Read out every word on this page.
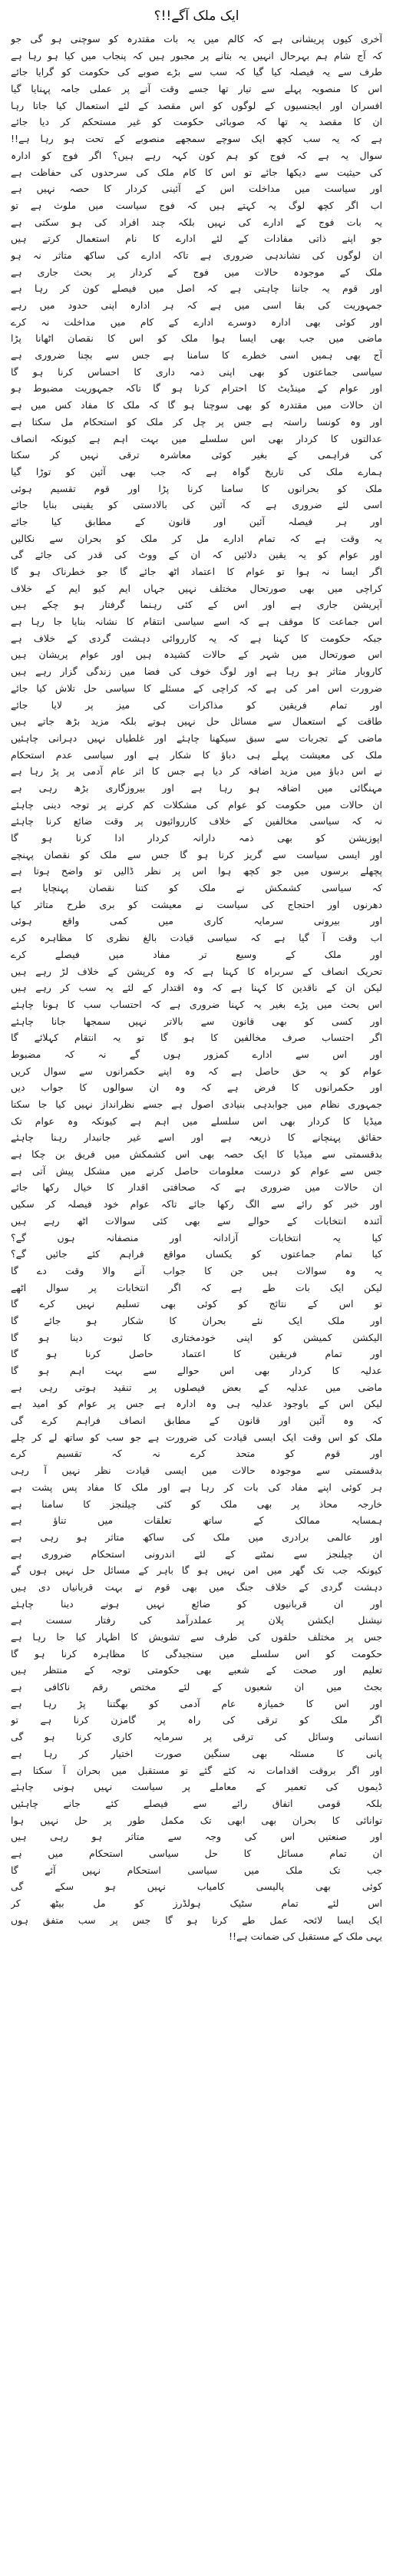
ایک ملک آگے!!؟
آخری کیوں پریشانی ہے کہ کالم میں یہ بات مقتدرہ کو سوچنی ہو گی جو
کہ آج شام ہم بہرحال انہیں یہ بتانے پر مجبور ہیں کہ پنجاب میں کیا ہو رہا ہے
طرف سے یہ فیصلہ کیا گیا کہ سب سے بڑے صوبے کی حکومت کو گرایا جائے
اس کا منصوبہ پہلے سے تیار تھا جسے وقت آنے پر عملی جامہ پہنایا گیا
افسران اور ایجنسیوں کے لوگوں کو اس مقصد کے لئے استعمال کیا جاتا رہا
ان کا مقصد یہ تھا کہ صوبائی حکومت کو غیر مستحکم کر دیا جائے
ہے کہ یہ سب کچھ ایک سوچے سمجھے منصوبے کے تحت ہو رہا ہے!!
سوال یہ ہے کہ فوج کو ہم کون کہہ رہے ہیں؟ اگر فوج کو ادارہ
کی حیثیت سے دیکھا جائے تو اس کا کام ملک کی سرحدوں کی حفاظت ہے
اور سیاست میں مداخلت اس کے آئینی کردار کا حصہ نہیں ہے
اب اگر کچھ لوگ یہ کہتے ہیں کہ فوج سیاست میں ملوث ہے تو
یہ بات فوج کے ادارے کی نہیں بلکہ چند افراد کی ہو سکتی ہے
جو اپنے ذاتی مفادات کے لئے ادارے کا نام استعمال کرتے ہیں
ان لوگوں کی نشاندہی ضروری ہے تاکہ ادارے کی ساکھ متاثر نہ ہو
ملک کے موجودہ حالات میں فوج کے کردار پر بحث جاری ہے
اور قوم یہ جاننا چاہتی ہے کہ اصل میں فیصلے کون کر رہا ہے
جمہوریت کی بقا اسی میں ہے کہ ہر ادارہ اپنی حدود میں رہے
اور کوئی بھی ادارہ دوسرے ادارے کے کام میں مداخلت نہ کرے
ماضی میں جب بھی ایسا ہوا ملک کو اس کا نقصان اٹھانا پڑا
آج بھی ہمیں اسی خطرے کا سامنا ہے جس سے بچنا ضروری ہے
سیاسی جماعتوں کو بھی اپنی ذمہ داری کا احساس کرنا ہو گا
اور عوام کے مینڈیٹ کا احترام کرنا ہو گا تاکہ جمہوریت مضبوط ہو
ان حالات میں مقتدرہ کو بھی سوچنا ہو گا کہ ملک کا مفاد کس میں ہے
اور وہ کونسا راستہ ہے جس پر چل کر ملک کو استحکام مل سکتا ہے
عدالتوں کا کردار بھی اس سلسلے میں بہت اہم ہے کیونکہ انصاف
کی فراہمی کے بغیر کوئی معاشرہ ترقی نہیں کر سکتا
ہمارے ملک کی تاریخ گواہ ہے کہ جب بھی آئین کو توڑا گیا
ملک کو بحرانوں کا سامنا کرنا پڑا اور قوم تقسیم ہوئی
اسی لئے ضروری ہے کہ آئین کی بالادستی کو یقینی بنایا جائے
اور ہر فیصلہ آئین اور قانون کے مطابق کیا جائے
یہ وقت ہے کہ تمام ادارے مل کر ملک کو بحران سے نکالیں
اور عوام کو یہ یقین دلائیں کہ ان کے ووٹ کی قدر کی جائے گی
اگر ایسا نہ ہوا تو عوام کا اعتماد اٹھ جائے گا جو خطرناک ہو گا
کراچی میں بھی صورتحال مختلف نہیں جہاں ایم کیو ایم کے خلاف
آپریشن جاری ہے اور اس کے کئی رہنما گرفتار ہو چکے ہیں
اس جماعت کا موقف ہے کہ اسے سیاسی انتقام کا نشانہ بنایا جا رہا ہے
جبکہ حکومت کا کہنا ہے کہ یہ کارروائی دہشت گردی کے خلاف ہے
اس صورتحال میں شہر کے حالات کشیدہ ہیں اور عوام پریشان ہیں
کاروبار متاثر ہو رہا ہے اور لوگ خوف کی فضا میں زندگی گزار رہے ہیں
ضرورت اس امر کی ہے کہ کراچی کے مسئلے کا سیاسی حل تلاش کیا جائے
اور تمام فریقین کو مذاکرات کی میز پر لایا جائے
طاقت کے استعمال سے مسائل حل نہیں ہوتے بلکہ مزید بڑھ جاتے ہیں
ماضی کے تجربات سے سبق سیکھنا چاہئے اور غلطیاں نہیں دہرانی چاہئیں
ملک کی معیشت پہلے ہی دباؤ کا شکار ہے اور سیاسی عدم استحکام
نے اس دباؤ میں مزید اضافہ کر دیا ہے جس کا اثر عام آدمی پر پڑ رہا ہے
مہنگائی میں اضافہ ہو رہا ہے اور بیروزگاری بڑھ رہی ہے
ان حالات میں حکومت کو عوام کی مشکلات کم کرنے پر توجہ دینی چاہئے
نہ کہ سیاسی مخالفین کے خلاف کارروائیوں پر وقت ضائع کرنا چاہئے
اپوزیشن کو بھی ذمہ دارانہ کردار ادا کرنا ہو گا
اور ایسی سیاست سے گریز کرنا ہو گا جس سے ملک کو نقصان پہنچے
پچھلے برسوں میں جو کچھ ہوا اس پر نظر ڈالیں تو واضح ہوتا ہے
کہ سیاسی کشمکش نے ملک کو کتنا نقصان پہنچایا ہے
دھرنوں اور احتجاج کی سیاست نے معیشت کو بری طرح متاثر کیا
اور بیرونی سرمایہ کاری میں کمی واقع ہوئی
اب وقت آ گیا ہے کہ سیاسی قیادت بالغ نظری کا مظاہرہ کرے
اور ملک کے وسیع تر مفاد میں فیصلے کرے
تحریک انصاف کے سربراہ کا کہنا ہے کہ وہ کرپشن کے خلاف لڑ رہے ہیں
لیکن ان کے ناقدین کا کہنا ہے کہ وہ اقتدار کے لئے یہ سب کر رہے ہیں
اس بحث میں پڑے بغیر یہ کہنا ضروری ہے کہ احتساب سب کا ہونا چاہئے
اور کسی کو بھی قانون سے بالاتر نہیں سمجھا جانا چاہئے
اگر احتساب صرف مخالفین کا ہو گا تو یہ انتقام کہلائے گا
اور اس سے ادارے کمزور ہوں گے نہ کہ مضبوط
عوام کو یہ حق حاصل ہے کہ وہ اپنے حکمرانوں سے سوال کریں
اور حکمرانوں کا فرض ہے کہ وہ ان سوالوں کا جواب دیں
جمہوری نظام میں جوابدہی بنیادی اصول ہے جسے نظرانداز نہیں کیا جا سکتا
میڈیا کا کردار بھی اس سلسلے میں اہم ہے کیونکہ وہ عوام تک
حقائق پہنچانے کا ذریعہ ہے اور اسے غیر جانبدار رہنا چاہئے
بدقسمتی سے میڈیا کا ایک حصہ بھی اس کشمکش میں فریق بن چکا ہے
جس سے عوام کو درست معلومات حاصل کرنے میں مشکل پیش آتی ہے
ان حالات میں ضروری ہے کہ صحافتی اقدار کا خیال رکھا جائے
اور خبر کو رائے سے الگ رکھا جائے تاکہ عوام خود فیصلہ کر سکیں
آئندہ انتخابات کے حوالے سے بھی کئی سوالات اٹھ رہے ہیں
کیا یہ انتخابات آزادانہ اور منصفانہ ہوں گے؟
کیا تمام جماعتوں کو یکساں مواقع فراہم کئے جائیں گے؟
یہ وہ سوالات ہیں جن کا جواب آنے والا وقت دے گا
لیکن ایک بات طے ہے کہ اگر انتخابات پر سوال اٹھے
تو اس کے نتائج کو کوئی بھی تسلیم نہیں کرے گا
اور ملک ایک نئے بحران کا شکار ہو جائے گا
الیکشن کمیشن کو اپنی خودمختاری کا ثبوت دینا ہو گا
اور تمام فریقین کا اعتماد حاصل کرنا ہو گا
عدلیہ کا کردار بھی اس حوالے سے بہت اہم ہو گا
ماضی میں عدلیہ کے بعض فیصلوں پر تنقید ہوتی رہی ہے
لیکن اس کے باوجود عدلیہ ہی وہ ادارہ ہے جس پر عوام کو امید ہے
کہ وہ آئین اور قانون کے مطابق انصاف فراہم کرے گی
ملک کو اس وقت ایک ایسی قیادت کی ضرورت ہے جو سب کو ساتھ لے کر چلے
اور قوم کو متحد کرے نہ کہ تقسیم کرے
بدقسمتی سے موجودہ حالات میں ایسی قیادت نظر نہیں آ رہی
ہر کوئی اپنے مفاد کی بات کر رہا ہے اور ملک کا مفاد پس پشت ہے
خارجہ محاذ پر بھی ملک کو کئی چیلنجز کا سامنا ہے
ہمسایہ ممالک کے ساتھ تعلقات میں تناؤ ہے
اور عالمی برادری میں ملک کی ساکھ متاثر ہو رہی ہے
ان چیلنجز سے نمٹنے کے لئے اندرونی استحکام ضروری ہے
کیونکہ جب تک گھر میں امن نہیں ہو گا باہر کے مسائل حل نہیں ہوں گے
دہشت گردی کے خلاف جنگ میں بھی قوم نے بہت قربانیاں دی ہیں
اور ان قربانیوں کو ضائع نہیں ہونے دینا چاہئے
نیشنل ایکشن پلان پر عملدرآمد کی رفتار سست ہے
جس پر مختلف حلقوں کی طرف سے تشویش کا اظہار کیا جا رہا ہے
حکومت کو اس سلسلے میں سنجیدگی کا مظاہرہ کرنا ہو گا
تعلیم اور صحت کے شعبے بھی حکومتی توجہ کے منتظر ہیں
بجٹ میں ان شعبوں کے لئے مختص رقم ناکافی ہے
اور اس کا خمیازہ عام آدمی کو بھگتنا پڑ رہا ہے
اگر ملک کو ترقی کی راہ پر گامزن کرنا ہے تو
انسانی وسائل کی ترقی پر سرمایہ کاری کرنا ہو گی
پانی کا مسئلہ بھی سنگین صورت اختیار کر رہا ہے
اور اگر بروقت اقدامات نہ کئے گئے تو مستقبل میں بحران آ سکتا ہے
ڈیموں کی تعمیر کے معاملے پر سیاست نہیں ہونی چاہئے
بلکہ قومی اتفاق رائے سے فیصلے کئے جانے چاہئیں
توانائی کا بحران بھی ابھی تک مکمل طور پر حل نہیں ہوا
اور صنعتیں اس کی وجہ سے متاثر ہو رہی ہیں
ان تمام مسائل کا حل سیاسی استحکام میں ہے
جب تک ملک میں سیاسی استحکام نہیں آئے گا
کوئی بھی پالیسی کامیاب نہیں ہو سکے گی
اس لئے تمام سٹیک ہولڈرز کو مل بیٹھ کر
ایک ایسا لائحہ عمل طے کرنا ہو گا جس پر سب متفق ہوں
یہی ملک کے مستقبل کی ضمانت ہے!!
